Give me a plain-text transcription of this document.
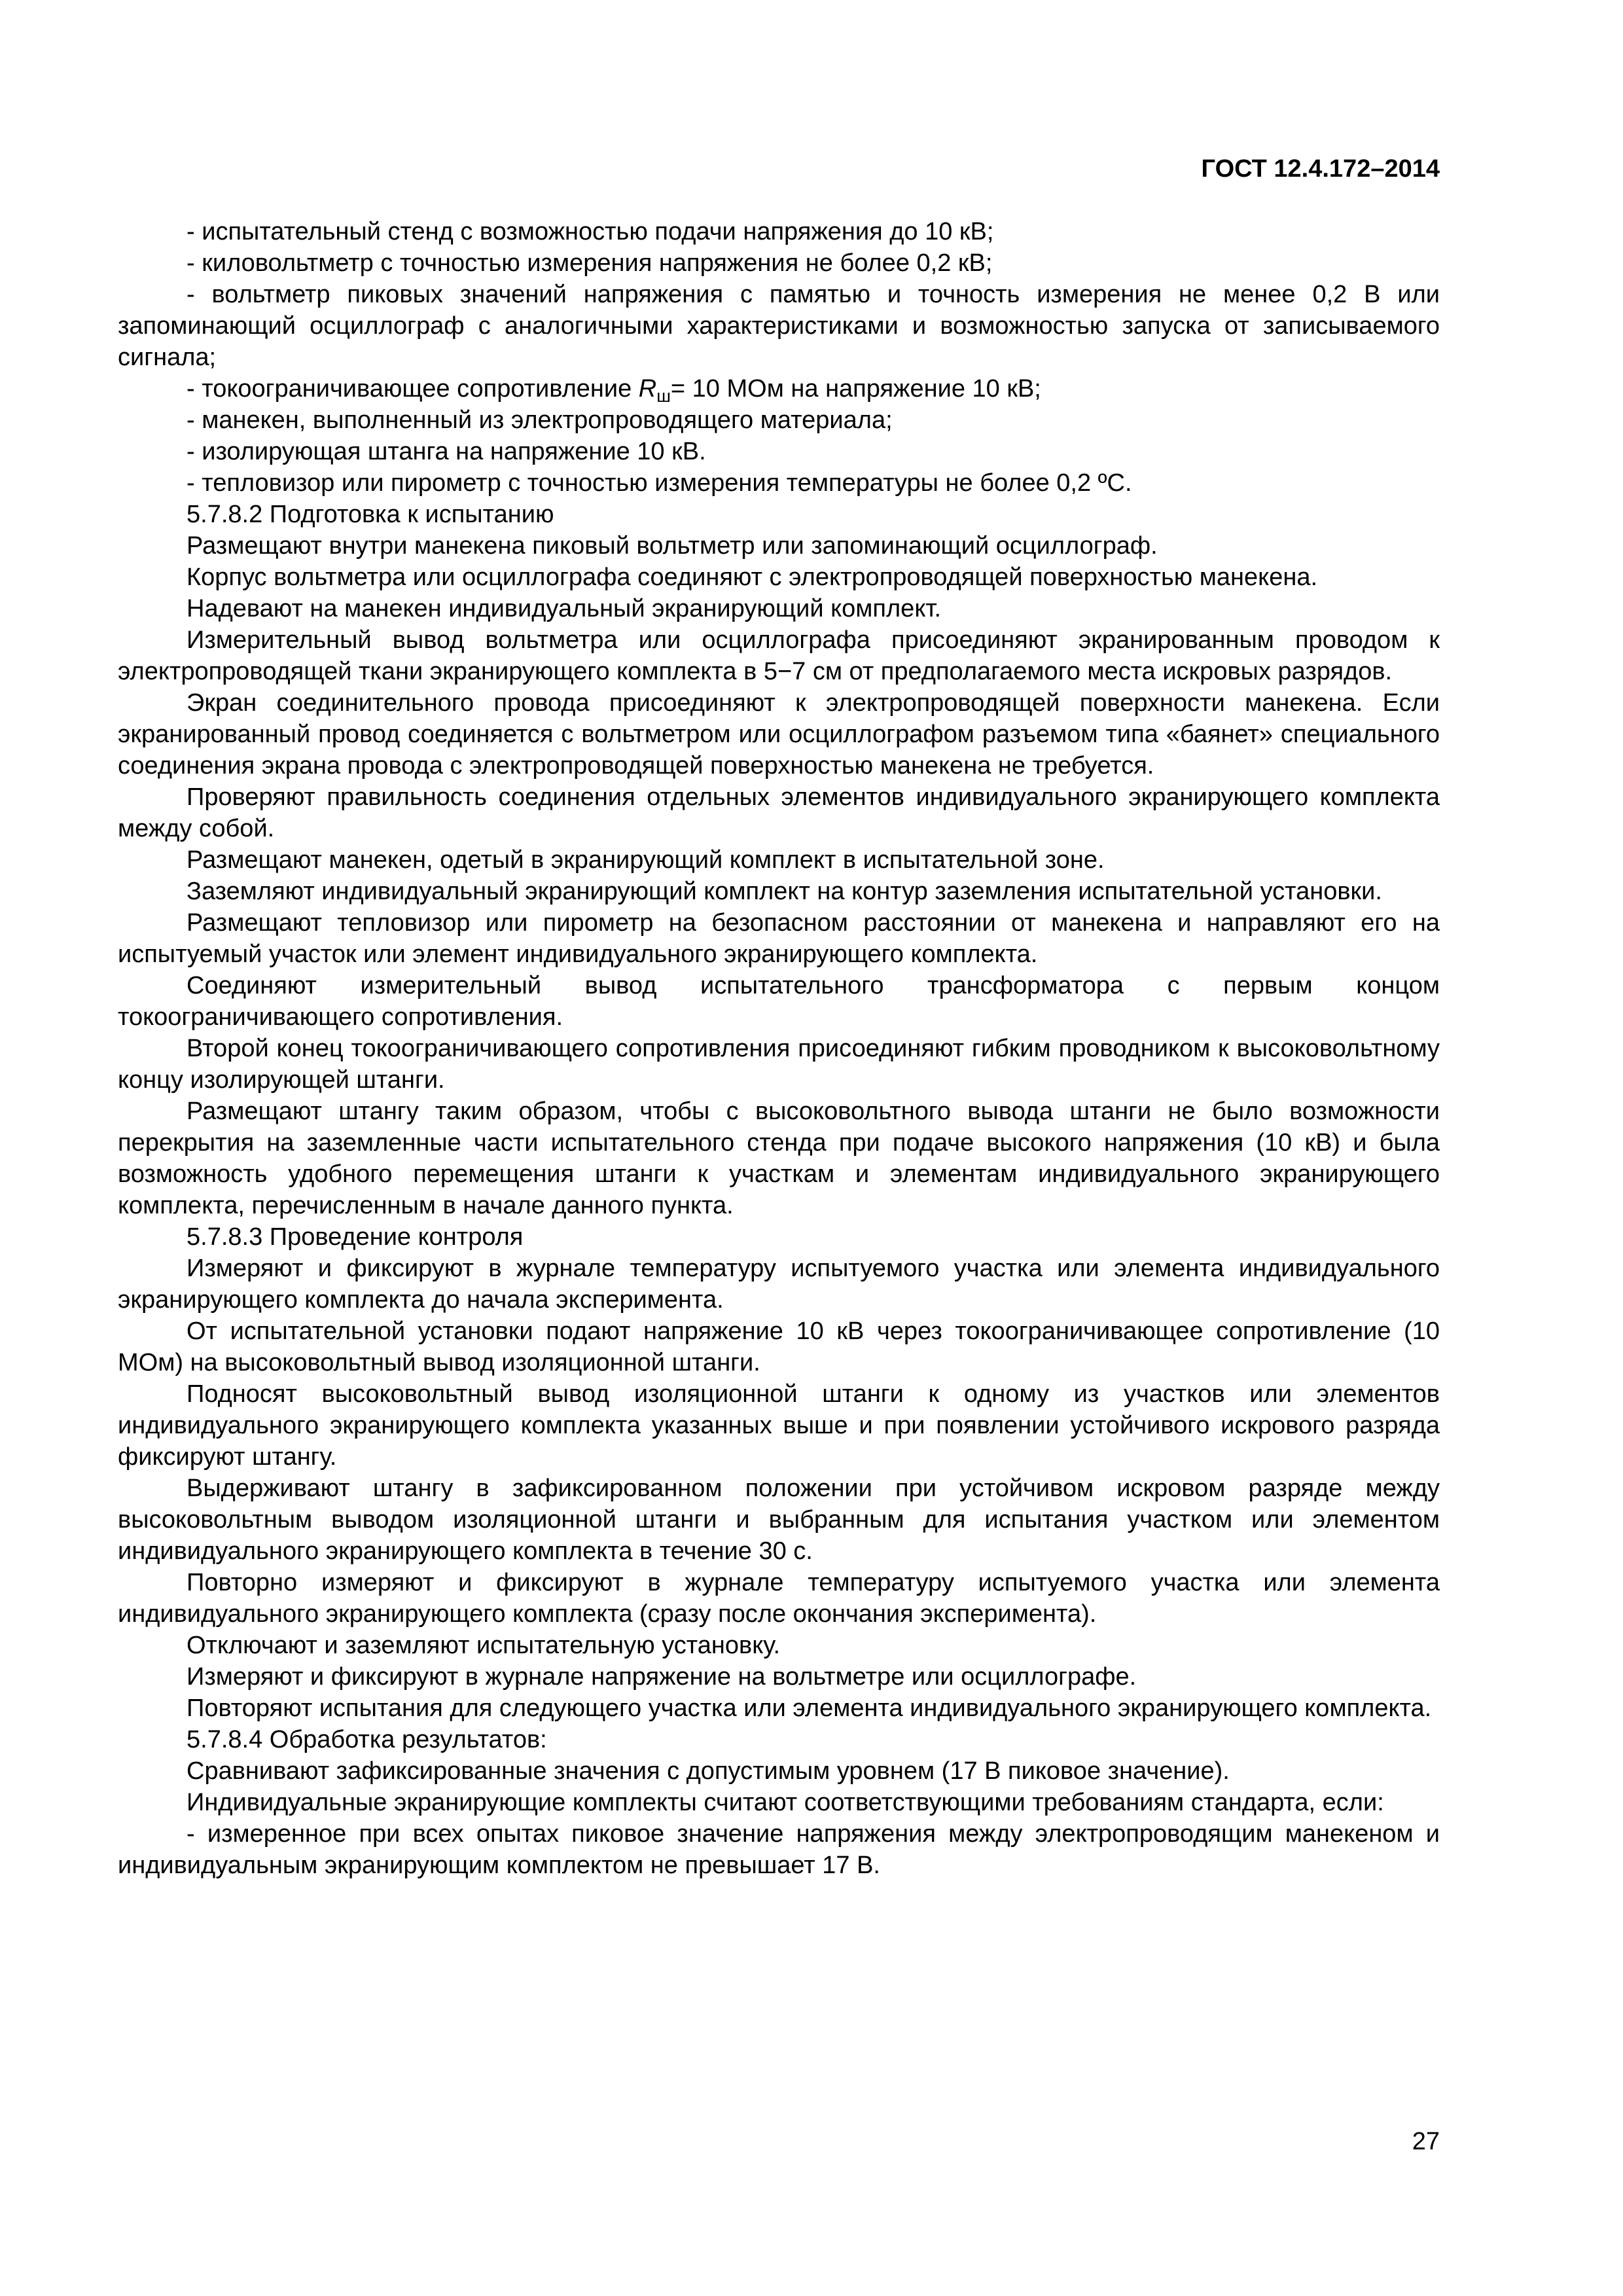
ГОСТ 12.4.172–2014

- испытательный стенд с возможностью подачи напряжения до 10 кВ;

- киловольтметр с точностью измерения напряжения не более 0,2 кВ;

- вольтметр пиковых значений напряжения с памятью и точность измерения не менее 0,2 В или запоминающий осциллограф с аналогичными характеристиками и возможностью запуска от записываемого сигнала;

- токоограничивающее сопротивление $R_ш= 10$ МОм на напряжение 10 кВ;

- манекен, выполненный из электропроводящего материала;

- изолирующая штанга на напряжение 10 кВ.

- тепловизор или пирометр с точностью измерения температуры не более 0,2 ºС.

5.7.8.2 Подготовка к испытанию

Размещают внутри манекена пиковый вольтметр или запоминающий осциллограф.

Корпус вольтметра или осциллографа соединяют с электропроводящей поверхностью манекена.

Надевают на манекен индивидуальный экранирующий комплект.

Измерительный вывод вольтметра или осциллографа присоединяют экранированным проводом к электропроводящей ткани экранирующего комплекта в 5−7 см от предполагаемого места искровых разрядов.

Экран соединительного провода присоединяют к электропроводящей поверхности манекена. Если экранированный провод соединяется с вольтметром или осциллографом разъемом типа «баянет» специального соединения экрана провода с электропроводящей поверхностью манекена не требуется.

Проверяют правильность соединения отдельных элементов индивидуального экранирующего комплекта между собой.

Размещают манекен, одетый в экранирующий комплект в испытательной зоне.

Заземляют индивидуальный экранирующий комплект на контур заземления испытательной установки.

Размещают тепловизор или пирометр на безопасном расстоянии от манекена и направляют его на испытуемый участок или элемент индивидуального экранирующего комплекта.

Соединяют измерительный вывод испытательного трансформатора с первым концом токоограничивающего сопротивления.

Второй конец токоограничивающего сопротивления присоединяют гибким проводником к высоковольтному концу изолирующей штанги.

Размещают штангу таким образом, чтобы с высоковольтного вывода штанги не было возможности перекрытия на заземленные части испытательного стенда при подаче высокого напряжения (10 кВ) и была возможность удобного перемещения штанги к участкам и элементам индивидуального экранирующего комплекта, перечисленным в начале данного пункта.

5.7.8.3 Проведение контроля

Измеряют и фиксируют в журнале температуру испытуемого участка или элемента индивидуального экранирующего комплекта до начала эксперимента.

От испытательной установки подают напряжение 10 кВ через токоограничивающее сопротивление (10 МОм) на высоковольтный вывод изоляционной штанги.

Подносят высоковольтный вывод изоляционной штанги к одному из участков или элементов индивидуального экранирующего комплекта указанных выше и при появлении устойчивого искрового разряда фиксируют штангу.

Выдерживают штангу в зафиксированном положении при устойчивом искровом разряде между высоковольтным выводом изоляционной штанги и выбранным для испытания участком или элементом индивидуального экранирующего комплекта в течение 30 с.

Повторно измеряют и фиксируют в журнале температуру испытуемого участка или элемента индивидуального экранирующего комплекта (сразу после окончания эксперимента).

Отключают и заземляют испытательную установку.

Измеряют и фиксируют в журнале напряжение на вольтметре или осциллографе.

Повторяют испытания для следующего участка или элемента индивидуального экранирующего комплекта.

5.7.8.4 Обработка результатов:

Сравнивают зафиксированные значения с допустимым уровнем (17 В пиковое значение).

Индивидуальные экранирующие комплекты считают соответствующими требованиям стандарта, если:

- измеренное при всех опытах пиковое значение напряжения между электропроводящим манекеном и индивидуальным экранирующим комплектом не превышает 17 В.

27
